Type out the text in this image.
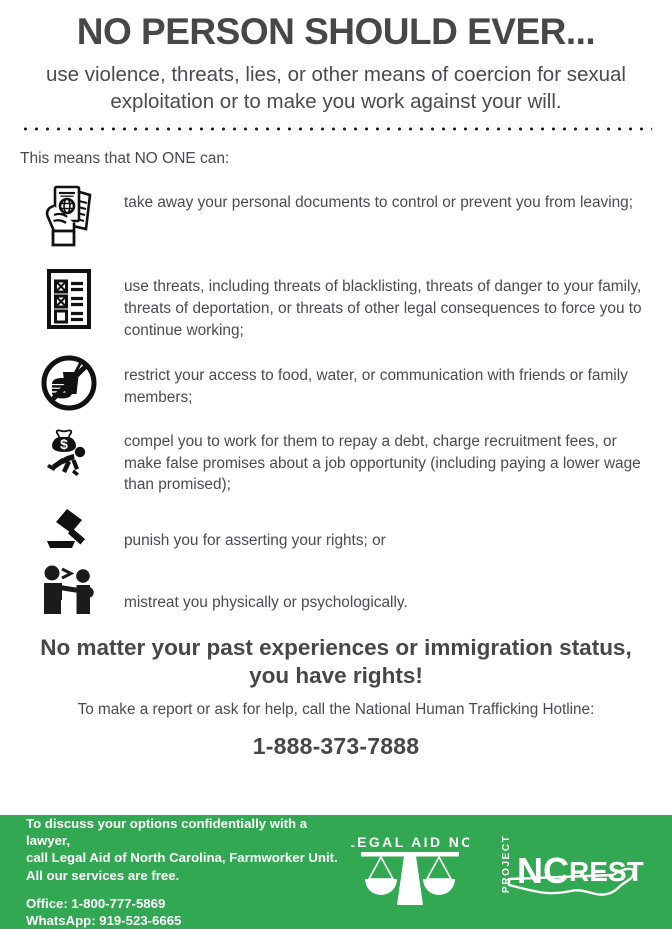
NO PERSON SHOULD EVER...
use violence, threats, lies, or other means of coercion for sexual exploitation or to make you work against your will.
This means that NO ONE can:
take away your personal documents to control or prevent you from leaving;
use threats, including threats of blacklisting, threats of danger to your family, threats of deportation, or threats of other legal consequences to force you to continue working;
restrict your access to food, water, or communication with friends or family members;
$	compel you to work for them to repay a debt, charge recruitment fees, or make false promises about a job opportunity (including paying a lower wage than promised);
punish you for asserting your rights; or
mistreat you physically or psychologically.
No matter your past experiences or immigration status, you have rights!
To make a report or ask for help, call the National Human Trafficking Hotline:
1-888-373-7888
To discuss your options confidentially with a lawyer,
call Legal Aid of North Carolina, Farmworker Unit.
All our services are free.
Office: 1-800-777-5869
WhatsApp: 919-523-6665
LEGAL AID NC	PROJECT NC REST
